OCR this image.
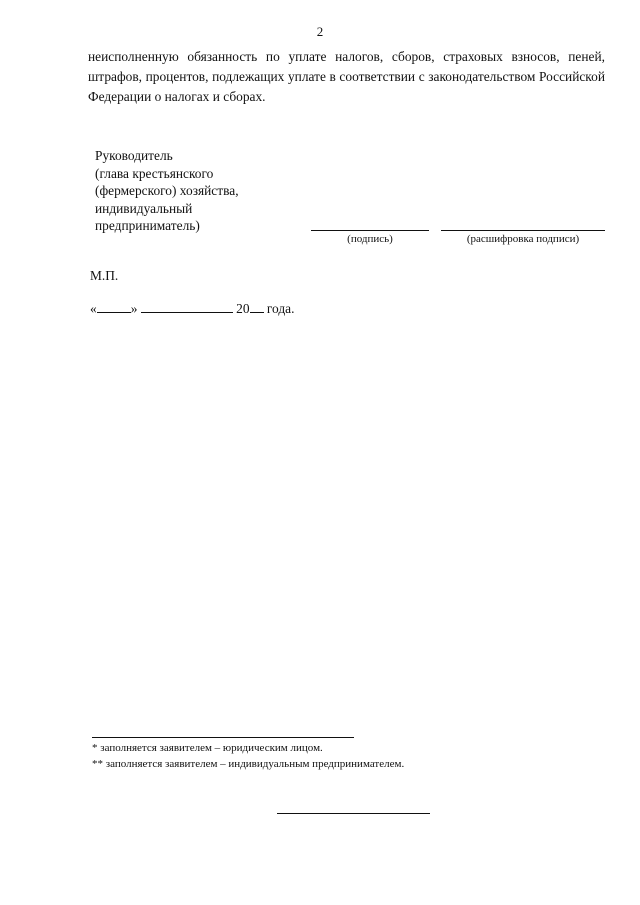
2
неисполненную обязанность по уплате налогов, сборов, страховых взносов, пеней, штрафов, процентов, подлежащих уплате в соответствии с законодательством Российской Федерации о налогах и сборах.
Руководитель
(глава крестьянского
(фермерского) хозяйства,
индивидуальный
предприниматель)
(подпись)	(расшифровка подписи)
М.П.
«	»	20 года.
* заполняется заявителем – юридическим лицом.
** заполняется заявителем – индивидуальным предпринимателем.
